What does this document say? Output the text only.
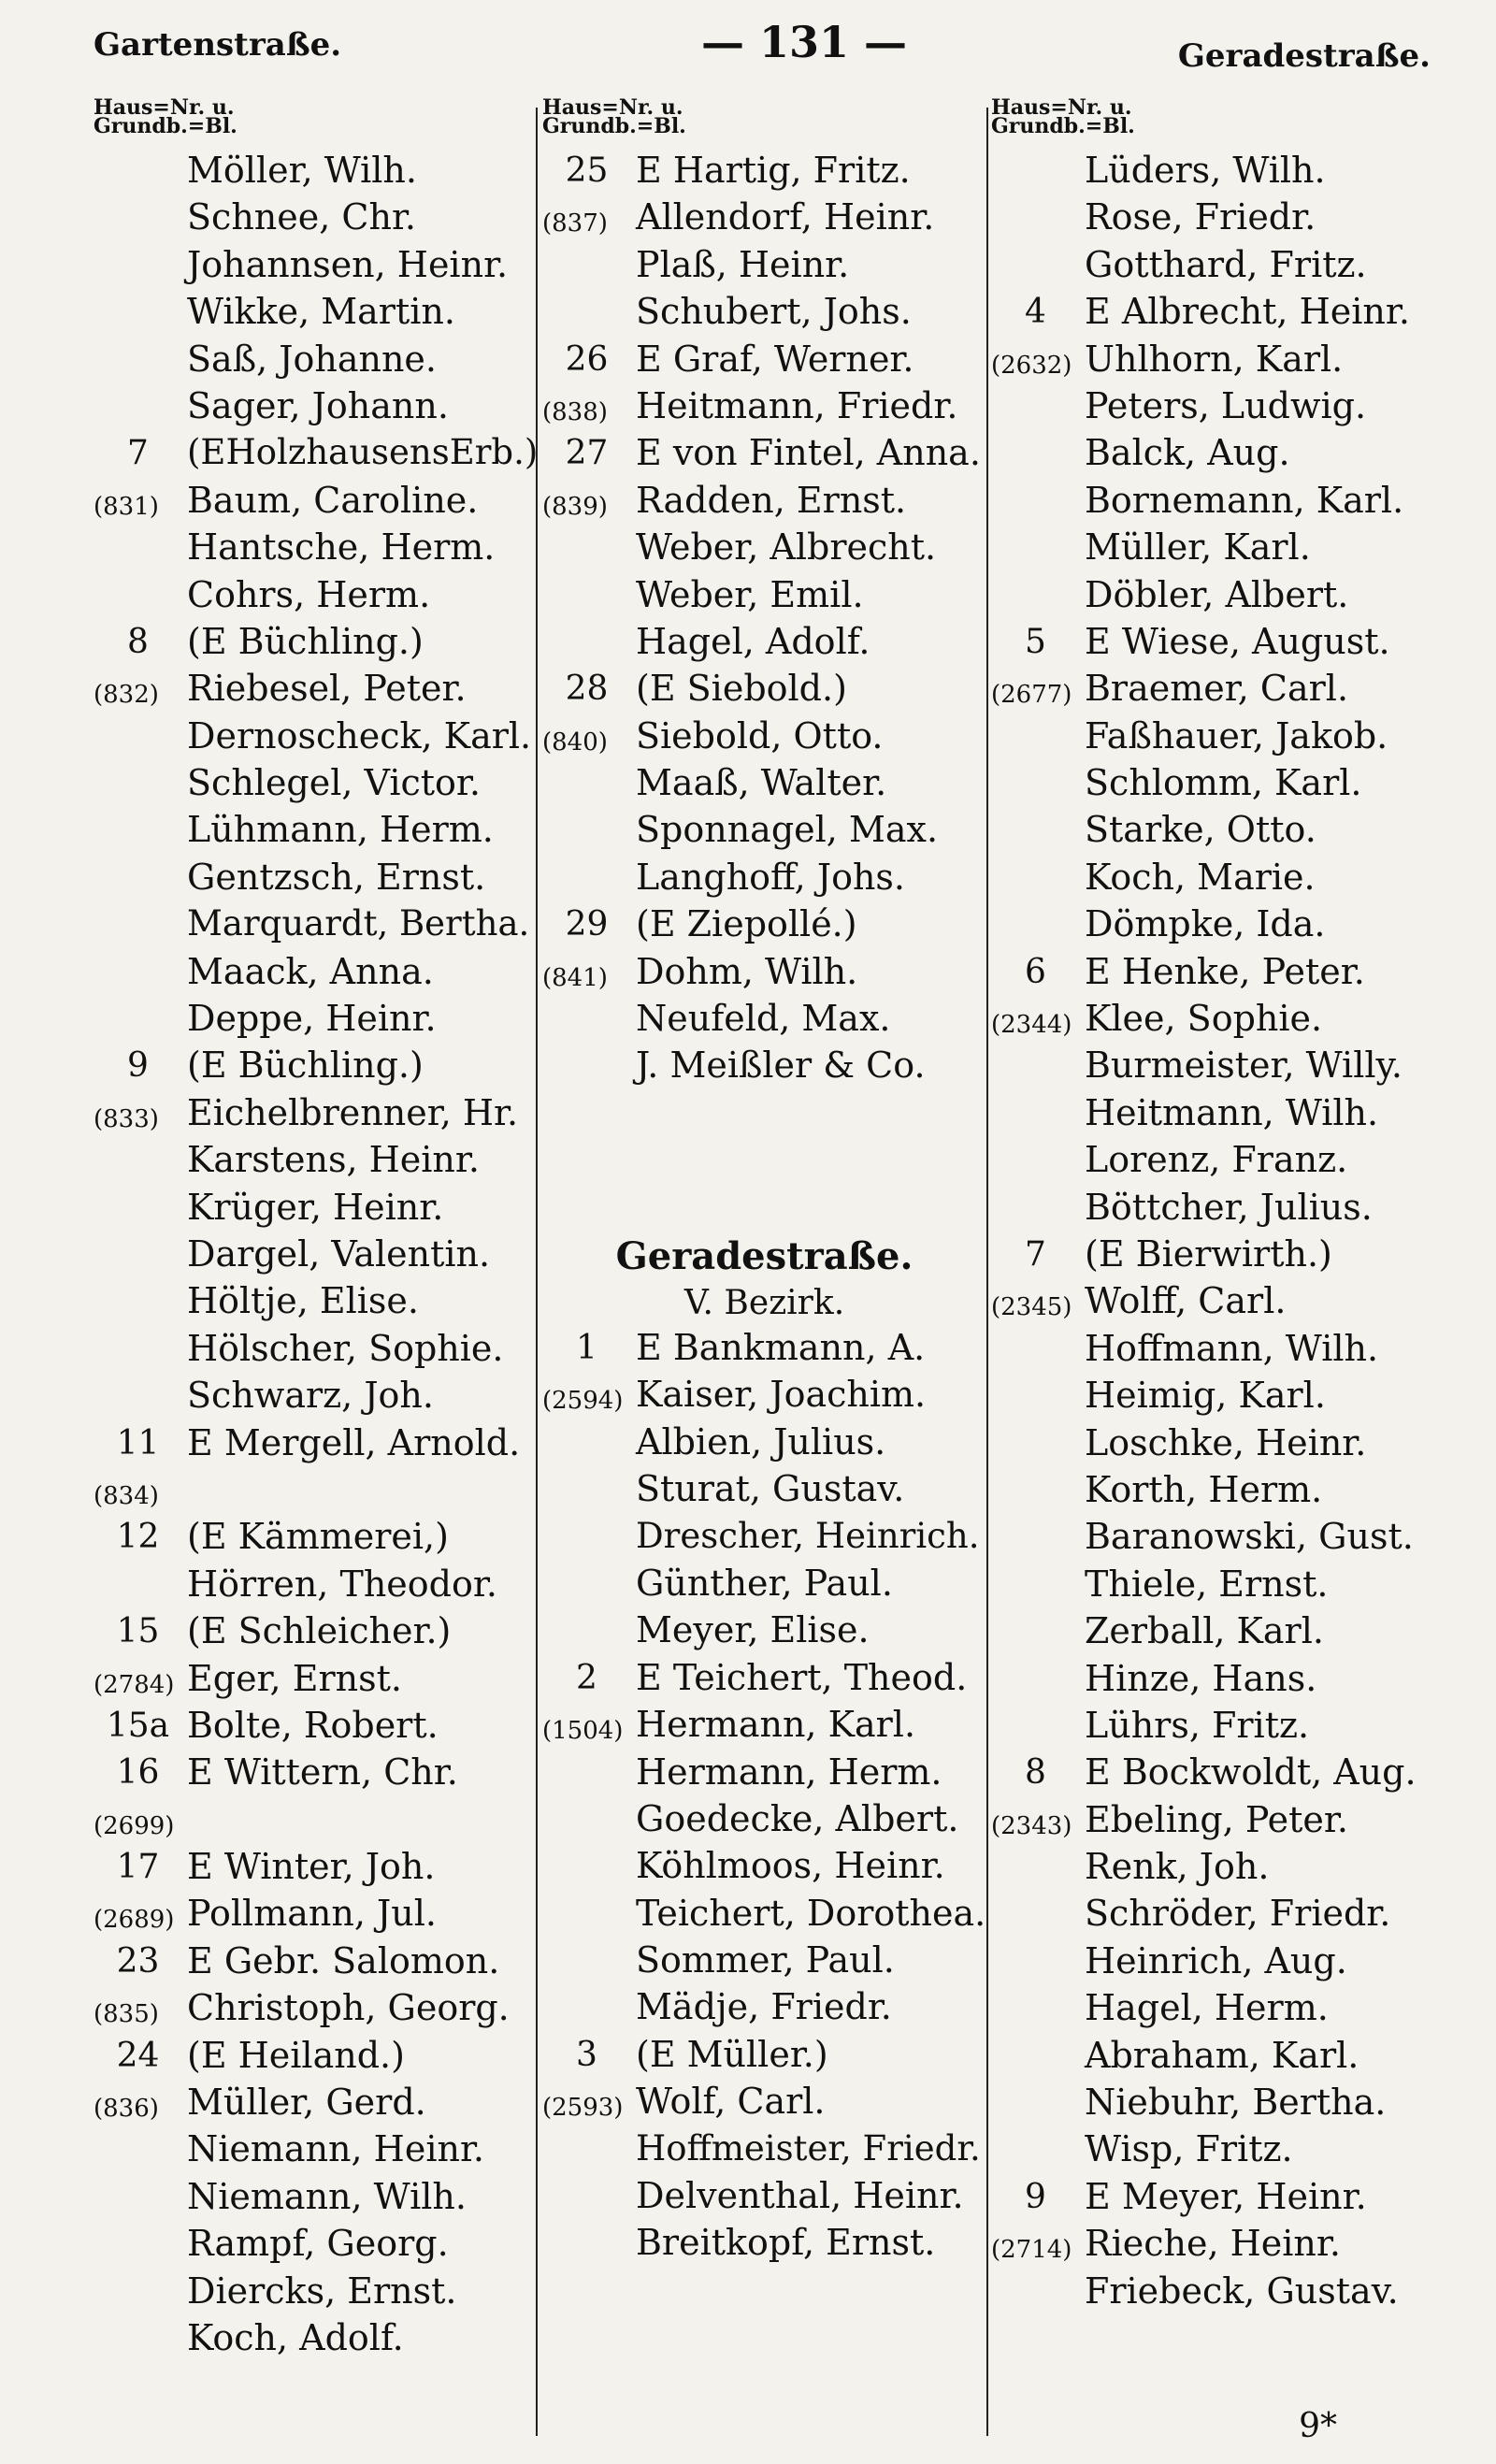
Gartenstraße.	— 131 —	Geradestraße.
Haus=Nr. u.
Grundb.=Bl.
Möller, Wilh.
Schnee, Chr.
Johannsen, Heinr.
Wikke, Martin.
Saß, Johanne.
Sager, Johann.
7	(EHolzhausensErb.)
(831) Baum, Caroline.
Hantsche, Herm.
Cohrs, Herm.
8	(E Büchling.)
(832) Riebesel, Peter.
Dernoscheck, Karl.
Schlegel, Victor.
Lühmann, Herm.
Gentzsch, Ernst.
Marquardt, Bertha.
Maack, Anna.
Deppe, Heinr.
9	(E Büchling.)
(833) Eichelbrenner, Hr.
Karstens, Heinr.
Krüger, Heinr.
Dargel, Valentin.
Höltje, Elise.
Hölscher, Sophie.
Schwarz, Joh.
11 E Mergell, Arnold.
(834)
12 (E Kämmerei,)
Hörren, Theodor.
15 (E Schleicher.)
(2784) Eger, Ernst.
15a Bolte, Robert.
16 E Wittern, Chr.
(2699)
17 E Winter, Joh.
(2689) Pollmann, Jul.
23 E Gebr. Salomon.
(835) Christoph, Georg.
24 (E Heiland.)
(836) Müller, Gerd.
Niemann, Heinr.
Niemann, Wilh.
Rampf, Georg.
Diercks, Ernst.
Koch, Adolf.
Haus=Nr. u.
Grundb.=Bl.
25 E Hartig, Fritz.
(837) Allendorf, Heinr.
Plaß, Heinr.
Schubert, Johs.
26 E Graf, Werner.
(838) Heitmann, Friedr.
27 E von Fintel, Anna.
(839) Radden, Ernst.
Weber, Albrecht.
Weber, Emil.
Hagel, Adolf.
28 (E Siebold.)
(840) Siebold, Otto.
Maaß, Walter.
Sponnagel, Max.
Langhoff, Johs.
29 (E Ziepollé.)
(841) Dohm, Wilh.
Neufeld, Max.
J. Meißler & Co.
Geradestraße.
V. Bezirk.
1	E Bankmann, A.
(2594) Kaiser, Joachim.
Albien, Julius.
Sturat, Gustav.
Drescher, Heinrich.
Günther, Paul.
Meyer, Elise.
2	E Teichert, Theod.
(1504) Hermann, Karl.
Hermann, Herm.
Goedecke, Albert.
Köhlmoos, Heinr.
Teichert, Dorothea.
Sommer, Paul.
Mädje, Friedr.
3	(E Müller.)
(2593) Wolf, Carl.
Hoffmeister, Friedr.
Delventhal, Heinr.
Breitkopf, Ernst.
Haus=Nr. u.
Grundb.=Bl.
Lüders, Wilh.
Rose, Friedr.
Gotthard, Fritz.
4	E Albrecht, Heinr.
(2632) Uhlhorn, Karl.
Peters, Ludwig.
Balck, Aug.
Bornemann, Karl.
Müller, Karl.
Döbler, Albert.
5	E Wiese, August.
(2677) Braemer, Carl.
Faßhauer, Jakob.
Schlomm, Karl.
Starke, Otto.
Koch, Marie.
Dömpke, Ida.
6	E Henke, Peter.
(2344) Klee, Sophie.
Burmeister, Willy.
Heitmann, Wilh.
Lorenz, Franz.
Böttcher, Julius.
7	(E Bierwirth.)
(2345) Wolff, Carl.
Hoffmann, Wilh.
Heimig, Karl.
Loschke, Heinr.
Korth, Herm.
Baranowski, Gust.
Thiele, Ernst.
Zerball, Karl.
Hinze, Hans.
Lührs, Fritz.
8	E Bockwoldt, Aug.
(2343) Ebeling, Peter.
Renk, Joh.
Schröder, Friedr.
Heinrich, Aug.
Hagel, Herm.
Abraham, Karl.
Niebuhr, Bertha.
Wisp, Fritz.
9	E Meyer, Heinr.
(2714) Rieche, Heinr.
Friebeck, Gustav.
9*
